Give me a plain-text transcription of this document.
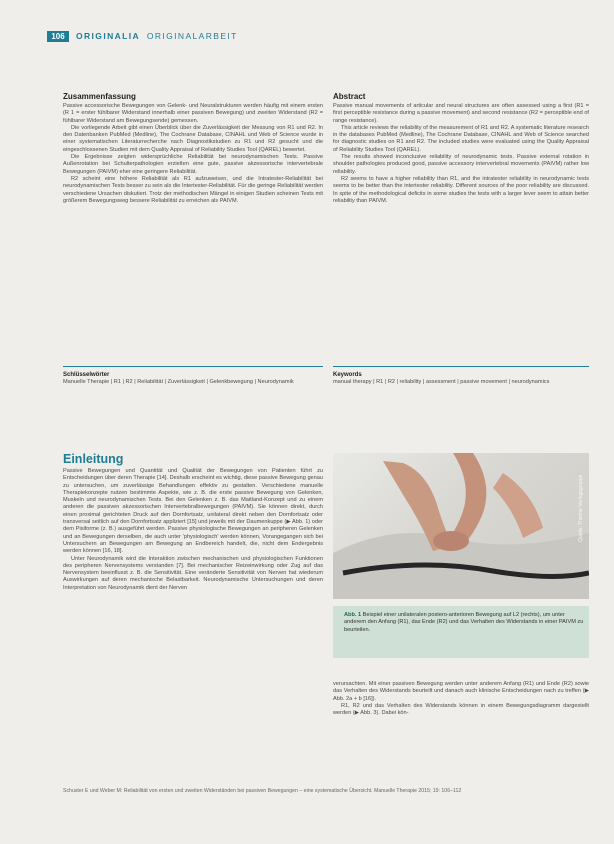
106	ORIGINALIA ORIGINALARBEIT
Zusammenfassung

Passive accessorische Bewegungen von Gelenk- und Neuralstrukturen werden häufig mit einem ersten (R 1 = erster fühlbarer Widerstand innerhalb einer passiven Bewegung) und zweiten Widerstand (R2 = fühlbarer Widerstand am Bewegungsende) gemessen.

Die vorliegende Arbeit gibt einen Überblick über die Zuverlässigkeit der Messung von R1 und R2. In den Datenbanken PubMed (Medline), The Cochrane Database, CINAHL und Web of Science wurde in einer systematischen Literaturrecherche nach Diagnostikstudien zu R1 und R2 gesucht und die eingeschlossenen Studien mit dem Quality Appraisal of Reliability Studies Tool (QAREL) bewertet.

Die Ergebnisse zeigten widersprüchliche Reliabilität bei neurodynamischen Tests. Passive Außenrotation bei Schulterpathologien erzielten eine gute, passive akzessorische intervertebrale Bewegungen (PAIVM) eher eine geringere Reliabilität.

R2 scheint eine höhere Reliabilität als R1 aufzuweisen, und die Intratester-Reliabilität bei neurodynamischen Tests besser zu sein als die Intertester-Reliabilität. Für die geringe Reliabilität werden verschiedene Ursachen diskutiert. Trotz der methodischen Mängel in einigen Studien scheinen Tests mit größerem Bewegungsweg bessere Reliabilität zu erreichen als PAIVM.

Abstract

Passive manual movements of articular and neural structures are often assessed using a first (R1 = first perceptible resistance during a passive movement) and second resistance (R2 = perceptible end of range resistance).

This article reviews the reliability of the measurement of R1 and R2. A systematic literature research in the databases PubMed (Medline), The Cochrane Database, CINAHL and Web of Science searched for diagnostic studies on R1 and R2. The included studies were evaluated using the Quality Appraisal of Reliability Studies Tool (QAREL).

The results showed inconclusive reliability of neurodynamic tests. Passive external rotation in shoulder pathologies produced good, passive accessory intervertebral movements (PAIVM) rather low reliability.

R2 seems to have a higher reliability than R1, and the intratester reliability in neurodynamic tests seems to be better than the intertester reliability. Different sources of the poor reliability are discussed. In spite of the methodological deficits in some studies the tests with a larger lever seem to attain better reliability than PAIVM.

Schlüsselwörter
Manuelle Therapie | R1 | R2 | Reliabilität | Zuverlässigkeit | Gelenkbewegung | Neurodynamik
Keywords
manual therapy | R1 | R2 | reliability | assessment | passive movement | neurodynamics
Einleitung

Passive Bewegungen und Quantität und Qualität der Bewegungen von Patienten führt zu Entscheidungen über deren Therapie [14]. Deshalb erscheint es wichtig, diese passive Bewegung genau zu untersuchen, um zuverlässige Behandlungen effektiv zu gestalten. Verschiedene manuelle Therapiekonzepte nutzen bestimmte Aspekte, wie z. B. die erste passive Bewegung von Gelenken, Muskeln und neurodynamischen Tests. Bei den Gelenken z. B. das Maitland-Konzept und zu einem anderen die passiven akzessorischen Intervertebralbewegungen (PAIVM). Sie können direkt, durch einen proximal gerichteten Druck auf den Dornfortsatz, unilateral direkt neben den Dornfortsatz oder transversal seitlich auf den Dornfortsatz appliziert [15] und jeweils mit der Daumenkuppe (▶ Abb. 1) oder dem Pisiforme (z. B.) ausgeführt werden. Passive physiologische Bewegungen an peripheren Gelenken und an Bewegungen derselben, die auch unter 'physiologisch' werden können, Vorangegangen sich bei Untersuchern an Bewegungen am Bewegung an Endbereich handelt, die, nicht dem Endergebnis werden können [16, 18].

Unter Neurodynamik wird die Interaktion zwischen mechanischen und physiologischen Funktionen des peripheren Nervensystems verstanden [7]. Bei mechanischer Reizeinwirkung oder Zug auf das Nervensystem beeinflusst z. B. die Sensitivität. Eine veränderte Sensitivität von Nerven hat wiederum Auswirkungen auf deren mechanische Belastbarkeit. Neurodynamische Untersuchungen und deren Interpretation von Neurodynamik dient der Nerven

Quelle: Thieme Verlagsgruppe
Abb. 1 Beispiel einer unilateralen postero-anterioren Bewegung auf L2 (rechts), um unter anderem den Anfang (R1), das Ende (R2) und das Verhalten des Widerstands in einer PAIVM zu beurteilen.

verursachten. Mit einer passiven Bewegung werden unter anderem Anfang (R1) und Ende (R2) sowie das Verhalten des Widerstands beurteilt und danach auch klinische Entscheidungen nach zu treffen (▶ Abb. 2a + b [16]).

R1, R2 und das Verhalten des Widerstands können in einem Bewegungsdiagramm dargestellt werden (▶ Abb. 3). Dabei kön-

Schuster E und Weber M: Reliabilität von ersten und zweiten Widerständen bei passiven Bewegungen – eine systematische Übersicht. Manuelle Therapie 2015; 19: 106–112
